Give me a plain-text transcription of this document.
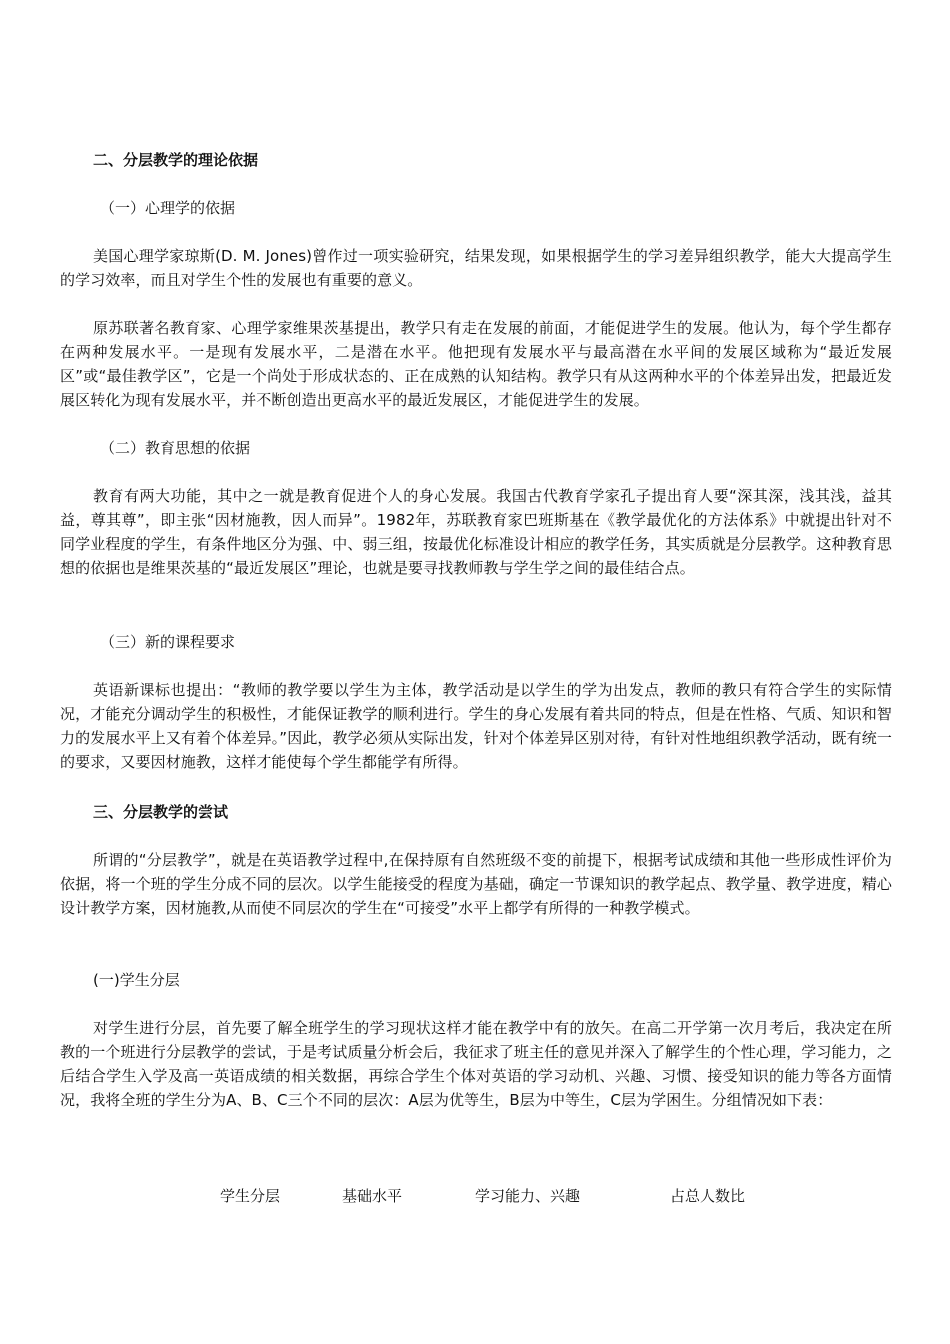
二、分层教学的理论依据
（一）心理学的依据
美国心理学家琼斯(D. M. Jones)曾作过一项实验研究，结果发现，如果根据学生的学习差异组织教学，能大大提高学生的学习效率，而且对学生个性的发展也有重要的意义。
原苏联著名教育家、心理学家维果茨基提出，教学只有走在发展的前面，才能促进学生的发展。他认为，每个学生都存在两种发展水平。一是现有发展水平，二是潜在水平。他把现有发展水平与最高潜在水平间的发展区域称为“最近发展区”或“最佳教学区”，它是一个尚处于形成状态的、正在成熟的认知结构。教学只有从这两种水平的个体差异出发，把最近发展区转化为现有发展水平，并不断创造出更高水平的最近发展区，才能促进学生的发展。
（二）教育思想的依据
教育有两大功能，其中之一就是教育促进个人的身心发展。我国古代教育学家孔子提出育人要“深其深，浅其浅，益其益，尊其尊”，即主张“因材施教，因人而异”。1982年，苏联教育家巴班斯基在《教学最优化的方法体系》中就提出针对不同学业程度的学生，有条件地区分为强、中、弱三组，按最优化标准设计相应的教学任务，其实质就是分层教学。这种教育思想的依据也是维果茨基的“最近发展区”理论，也就是要寻找教师教与学生学之间的最佳结合点。
（三）新的课程要求
英语新课标也提出：“教师的教学要以学生为主体，教学活动是以学生的学为出发点，教师的教只有符合学生的实际情况，才能充分调动学生的积极性，才能保证教学的顺利进行。学生的身心发展有着共同的特点，但是在性格、气质、知识和智力的发展水平上又有着个体差异。”因此，教学必须从实际出发，针对个体差异区别对待，有针对性地组织教学活动，既有统一的要求，又要因材施教，这样才能使每个学生都能学有所得。
三、分层教学的尝试
所谓的“分层教学”，就是在英语教学过程中,在保持原有自然班级不变的前提下，根据考试成绩和其他一些形成性评价为依据，将一个班的学生分成不同的层次。以学生能接受的程度为基础，确定一节课知识的教学起点、教学量、教学进度，精心设计教学方案，因材施教,从而使不同层次的学生在“可接受”水平上都学有所得的一种教学模式。
(一)学生分层
对学生进行分层，首先要了解全班学生的学习现状这样才能在教学中有的放矢。在高二开学第一次月考后，我决定在所教的一个班进行分层教学的尝试，于是考试质量分析会后，我征求了班主任的意见并深入了解学生的个性心理，学习能力，之后结合学生入学及高一英语成绩的相关数据，再综合学生个体对英语的学习动机、兴趣、习惯、接受知识的能力等各方面情况，我将全班的学生分为A、B、C三个不同的层次：A层为优等生，B层为中等生，C层为学困生。分组情况如下表：
学生分层	基础水平	学习能力、兴趣	占总人数比
